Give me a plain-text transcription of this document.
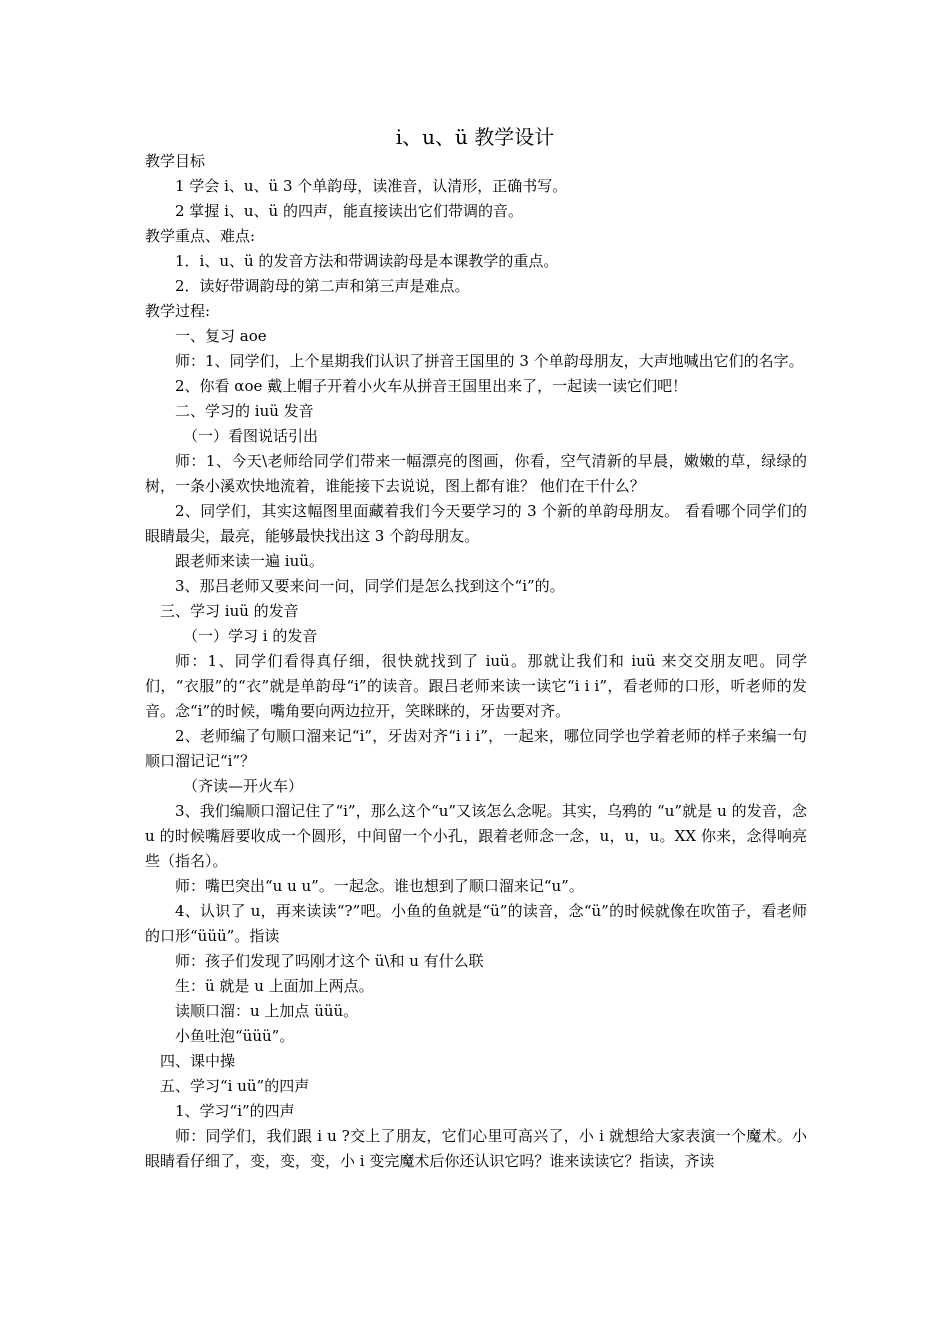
i、u、ü 教学设计

教学目标

1 学会 i、u、ü 3 个单韵母，读准音，认清形，正确书写。

2 掌握 i、u、ü 的四声，能直接读出它们带调的音。

教学重点、难点:

1．i、u、ü 的发音方法和带调读韵母是本课教学的重点。

2．读好带调韵母的第二声和第三声是难点。

教学过程:

一、复习 aoe

师：1、同学们，上个星期我们认识了拼音王国里的 3 个单韵母朋友，大声地喊出它们的名字。

2、你看 αoe 戴上帽子开着小火车从拼音王国里出来了，一起读一读它们吧！

二、学习的 iuü 发音

（一）看图说话引出

师：1、今天\老师给同学们带来一幅漂亮的图画，你看，空气清新的早晨，嫩嫩的草，绿绿的树，一条小溪欢快地流着，谁能接下去说说，图上都有谁？ 他们在干什么？

2、同学们，其实这幅图里面藏着我们今天要学习的 3 个新的单韵母朋友。 看看哪个同学们的眼睛最尖，最亮，能够最快找出这 3 个韵母朋友。

跟老师来读一遍 iuü。

3、那吕老师又要来问一问，同学们是怎么找到这个“i”的。

三、学习 iuü 的发音

（一）学习 i 的发音

师：1、同学们看得真仔细，很快就找到了 iuü。那就让我们和 iuü 来交交朋友吧。同学们，“衣服”的“衣”就是单韵母“i”的读音。跟吕老师来读一读它“i i i”，看老师的口形，听老师的发音。念“i”的时候，嘴角要向两边拉开，笑眯眯的，牙齿要对齐。

2、老师编了句顺口溜来记“i”，牙齿对齐“i i i”，一起来，哪位同学也学着老师的样子来编一句顺口溜记记“i”？

（齐读—开火车）

3、我们编顺口溜记住了“i”，那么这个“u”又该怎么念呢。其实，乌鸦的 “u”就是 u 的发音，念 u 的时候嘴唇要收成一个圆形，中间留一个小孔，跟着老师念一念，u，u，u。XX 你来，念得响亮些（指名）。

师：嘴巴突出“u u u”。一起念。谁也想到了顺口溜来记“u”。

4、认识了 u，再来读读“?”吧。小鱼的鱼就是“ü”的读音，念“ü”的时候就像在吹笛子，看老师的口形“üüü”。指读

师：孩子们发现了吗刚才这个 ü\和 u 有什么联

生：ü 就是 u 上面加上两点。

读顺口溜：u 上加点 üüü。

小鱼吐泡“üüü”。

四、课中操

五、学习“i uü”的四声

1、学习“i”的四声

师：同学们，我们跟 i u ?交上了朋友，它们心里可高兴了，小 i 就想给大家表演一个魔术。小眼睛看仔细了，变，变，变，小 i 变完魔术后你还认识它吗？谁来读读它？指读，齐读
